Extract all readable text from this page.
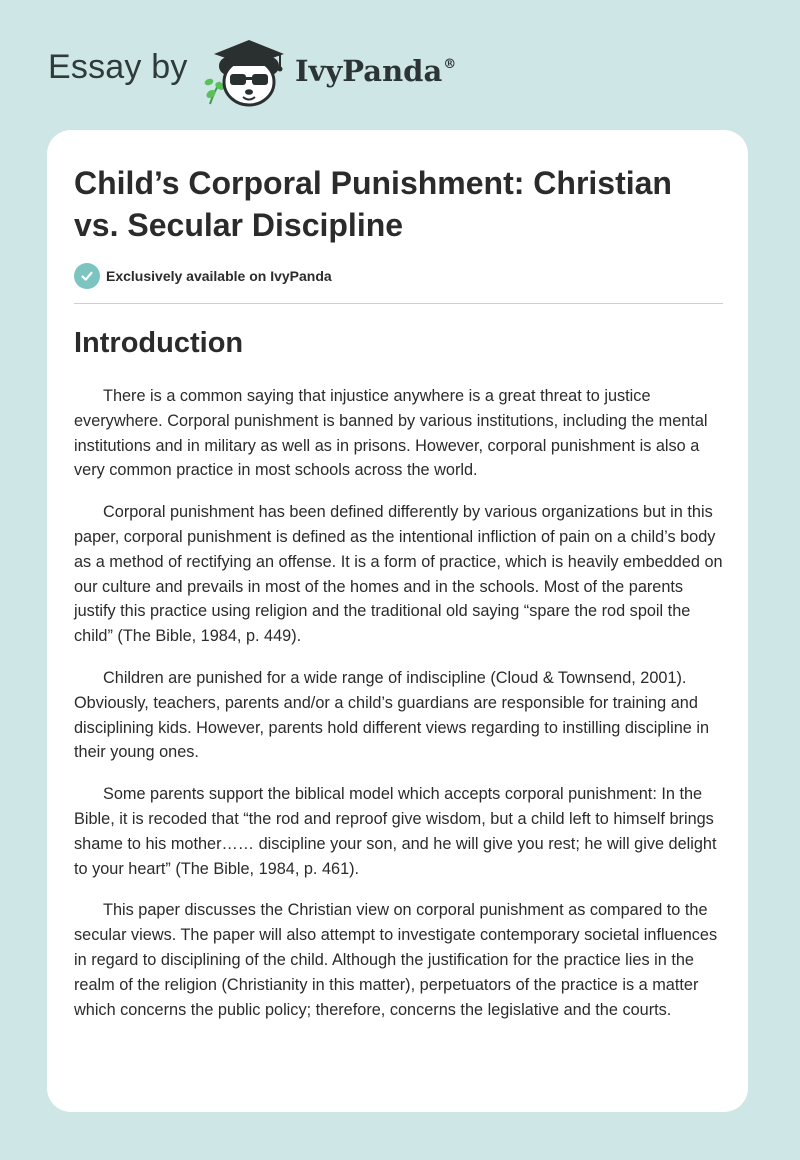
Essay by	IvyPanda®
Child’s Corporal Punishment: Christian vs. Secular Discipline
Exclusively available on IvyPanda
Introduction

There is a common saying that injustice anywhere is a great threat to justice everywhere. Corporal punishment is banned by various institutions, including the mental institutions and in military as well as in prisons. However, corporal punishment is also a very common practice in most schools across the world.

Corporal punishment has been defined differently by various organizations but in this paper, corporal punishment is defined as the intentional infliction of pain on a child’s body as a method of rectifying an offense. It is a form of practice, which is heavily embedded on our culture and prevails in most of the homes and in the schools. Most of the parents justify this practice using religion and the traditional old saying “spare the rod spoil the child” (The Bible, 1984, p. 449).

Children are punished for a wide range of indiscipline (Cloud & Townsend, 2001). Obviously, teachers, parents and/or a child’s guardians are responsible for training and disciplining kids. However, parents hold different views regarding to instilling discipline in their young ones.

Some parents support the biblical model which accepts corporal punishment: In the Bible, it is recoded that “the rod and reproof give wisdom, but a child left to himself brings shame to his mother…… discipline your son, and he will give you rest; he will give delight to your heart” (The Bible, 1984, p. 461).

This paper discusses the Christian view on corporal punishment as compared to the secular views. The paper will also attempt to investigate contemporary societal influences in regard to disciplining of the child. Although the justification for the practice lies in the realm of the religion (Christianity in this matter), perpetuators of the practice is a matter which concerns the public policy; therefore, concerns the legislative and the courts.
